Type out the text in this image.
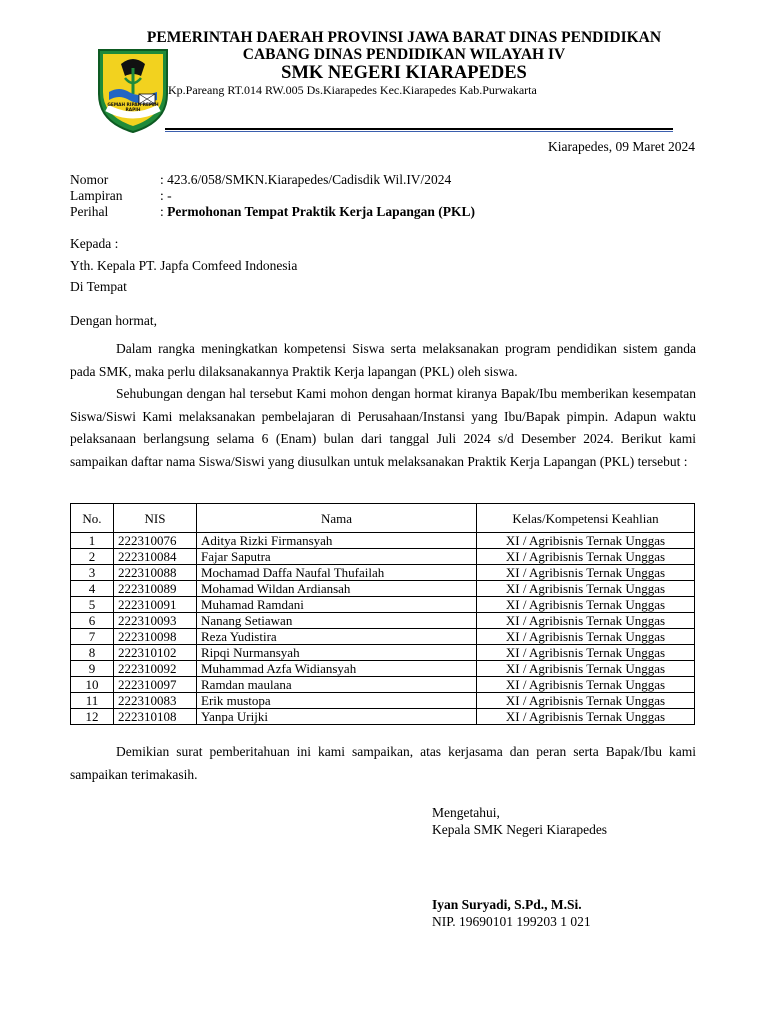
GEMAH RIPAH REPEH RAPIH
PEMERINTAH DAERAH PROVINSI JAWA BARAT DINAS PENDIDIKAN
CABANG DINAS PENDIDIKAN WILAYAH IV
SMK NEGERI KIARAPEDES
Kp.Pareang RT.014 RW.005 Ds.Kiarapedes Kec.Kiarapedes Kab.Purwakarta
Kiarapedes, 09 Maret 2024
Nomor	: 423.6/058/SMKN.Kiarapedes/Cadisdik Wil.IV/2024
Lampiran	: -
Perihal	: Permohonan Tempat Praktik Kerja Lapangan (PKL)
Kepada :
Yth. Kepala PT. Japfa Comfeed Indonesia
Di Tempat
Dengan hormat,
Dalam rangka meningkatkan kompetensi Siswa serta melaksanakan program pendidikan sistem ganda pada SMK, maka perlu dilaksanakannya Praktik Kerja lapangan (PKL) oleh siswa.
Sehubungan dengan hal tersebut Kami mohon dengan hormat kiranya Bapak/Ibu memberikan kesempatan Siswa/Siswi Kami melaksanakan pembelajaran di Perusahaan/Instansi yang Ibu/Bapak pimpin. Adapun waktu pelaksanaan berlangsung selama 6 (Enam) bulan dari tanggal Juli 2024 s/d Desember 2024. Berikut kami sampaikan daftar nama Siswa/Siswi yang diusulkan untuk melaksanakan Praktik Kerja Lapangan (PKL) tersebut :
No.	NIS	Nama	Kelas/Kompetensi Keahlian
1	222310076	Aditya Rizki Firmansyah	XI / Agribisnis Ternak Unggas
2	222310084	Fajar Saputra	XI / Agribisnis Ternak Unggas
3	222310088	Mochamad Daffa Naufal Thufailah	XI / Agribisnis Ternak Unggas
4	222310089	Mohamad Wildan Ardiansah	XI / Agribisnis Ternak Unggas
5	222310091	Muhamad Ramdani	XI / Agribisnis Ternak Unggas
6	222310093	Nanang Setiawan	XI / Agribisnis Ternak Unggas
7	222310098	Reza Yudistira	XI / Agribisnis Ternak Unggas
8	222310102	Ripqi Nurmansyah	XI / Agribisnis Ternak Unggas
9	222310092	Muhammad Azfa Widiansyah	XI / Agribisnis Ternak Unggas
10	222310097	Ramdan maulana	XI / Agribisnis Ternak Unggas
11	222310083	Erik mustopa	XI / Agribisnis Ternak Unggas
12	222310108	Yanpa Urijki	XI / Agribisnis Ternak Unggas
Demikian surat pemberitahuan ini kami sampaikan, atas kerjasama dan peran serta Bapak/Ibu kami sampaikan terimakasih.
Mengetahui,
Kepala SMK Negeri Kiarapedes
Iyan Suryadi, S.Pd., M.Si.
NIP. 19690101 199203 1 021
